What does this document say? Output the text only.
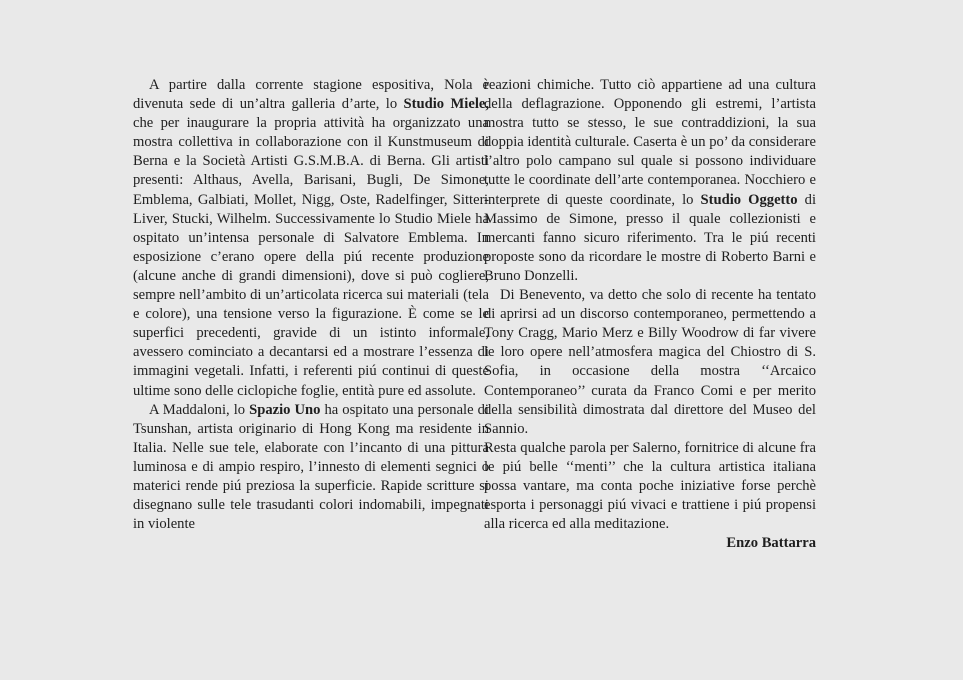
A partire dalla corrente stagione espositiva, Nola è divenuta sede di un’altra galleria d’arte, lo Studio Miele, che per inaugurare la propria attività ha organizzato una mostra collettiva in collaborazione con il Kunstmuseum di Berna e la Società Artisti G.S.M.B.A. di Berna. Gli artisti presenti: Althaus, Avella, Barisani, Bugli, De Simone, Emblema, Galbiati, Mollet, Nigg, Oste, Radelfinger, Sitter-Liver, Stucki, Wilhelm. Successivamente lo Studio Miele ha ospitato un’intensa personale di Salvatore Emblema. In esposizione c’erano opere della piú recente produzione (alcune anche di grandi dimensioni), dove si può cogliere, sempre nell’ambito di un’articolata ricerca sui materiali (tela e colore), una tensione verso la figurazione. È come se le superfici precedenti, gravide di un istinto informale, avessero cominciato a decantarsi ed a mostrare l’essenza di immagini vegetali. Infatti, i referenti piú continui di queste ultime sono delle ciclopiche foglie, entità pure ed assolute.

A Maddaloni, lo Spazio Uno ha ospitato una personale di Tsunshan, artista originario di Hong Kong ma residente in Italia. Nelle sue tele, elaborate con l’incanto di una pittura luminosa e di ampio respiro, l’innesto di elementi segnici o materici rende piú preziosa la superficie. Rapide scritture si disegnano sulle tele trasudanti colori indomabili, impegnati in violente

reazioni chimiche. Tutto ciò appartiene ad una cultura della deflagrazione. Opponendo gli estremi, l’artista mostra tutto se stesso, le sue contraddizioni, la sua doppia identità culturale. Caserta è un po’ da considerare l’altro polo campano sul quale si possono individuare tutte le coordinate dell’arte contemporanea. Nocchiero e interprete di queste coordinate, lo Studio Oggetto di Massimo de Simone, presso il quale collezionisti e mercanti fanno sicuro riferimento. Tra le piú recenti proposte sono da ricordare le mostre di Roberto Barni e Bruno Donzelli.

Di Benevento, va detto che solo di recente ha tentato di aprirsi ad un discorso contemporaneo, permettendo a Tony Cragg, Mario Merz e Billy Woodrow di far vivere le loro opere nell’atmosfera magica del Chiostro di S. Sofia, in occasione della mostra ‘‘Arcaico Contemporaneo’’ curata da Franco Comi e per merito della sensibilità dimostrata dal direttore del Museo del Sannio.

Resta qualche parola per Salerno, fornitrice di alcune fra le piú belle ‘‘menti’’ che la cultura artistica italiana possa vantare, ma conta poche iniziative forse perchè esporta i personaggi piú vivaci e trattiene i piú propensi alla ricerca ed alla meditazione.

Enzo Battarra
